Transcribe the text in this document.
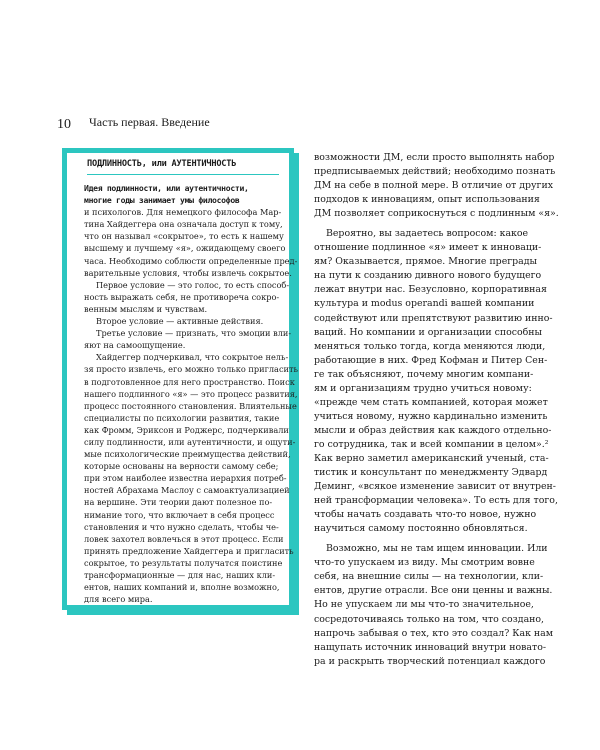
10 Часть первая. Введение
ПОДЛИННОСТЬ, или АУТЕНТИЧНОСТЬ
Идея подлинности, или аутентичности,
многие годы занимает умы философов
и психологов. Для немецкого философа Мар-
тина Хайдеггера она означала доступ к тому,
что он называл «сокрытое», то есть к нашему
высшему и лучшему «я», ожидающему своего
часа. Необходимо соблюсти определенные пред-
варительные условия, чтобы извлечь сокрытое.
Первое условие — это голос, то есть способ-
ность выражать себя, не противореча сокро-
венным мыслям и чувствам.
Второе условие — активные действия.
Третье условие — признать, что эмоции вли-
яют на самоощущение.
Хайдеггер подчеркивал, что сокрытое нель-
зя просто извлечь, его можно только пригласить
в подготовленное для него пространство. Поиск
нашего подлинного «я» — это процесс развития,
процесс постоянного становления. Влиятельные
специалисты по психологии развития, такие
как Фромм, Эриксон и Роджерс, подчеркивали
силу подлинности, или аутентичности, и ощути-
мые психологические преимущества действий,
которые основаны на верности самому себе;
при этом наиболее известна иерархия потреб-
ностей Абрахама Маслоу с самоактуализацией
на вершине. Эти теории дают полезное по-
нимание того, что включает в себя процесс
становления и что нужно сделать, чтобы че-
ловек захотел вовлечься в этот процесс. Если
принять предложение Хайдеггера и пригласить
сокрытое, то результаты получатся поистине
трансформационные — для нас, наших кли-
ентов, наших компаний и, вполне возможно,
для всего мира.
возможности ДМ, если просто выполнять набор
предписываемых действий; необходимо познать
ДМ на себе в полной мере. В отличие от других
подходов к инновациям, опыт использования
ДМ позволяет соприкоснуться с подлинным «я».
Вероятно, вы задаетесь вопросом: какое
отношение подлинное «я» имеет к инноваци-
ям? Оказывается, прямое. Многие преграды
на пути к созданию дивного нового будущего
лежат внутри нас. Безусловно, корпоративная
культура и modus operandi вашей компании
содействуют или препятствуют развитию инно-
ваций. Но компании и организации способны
меняться только тогда, когда меняются люди,
работающие в них. Фред Кофман и Питер Сен-
ге так объясняют, почему многим компани-
ям и организациям трудно учиться новому:
«прежде чем стать компанией, которая может
учиться новому, нужно кардинально изменить
мысли и образ действия как каждого отдельно-
го сотрудника, так и всей компании в целом».²
Как верно заметил американский ученый, ста-
тистик и консультант по менеджменту Эдвард
Деминг, «всякое изменение зависит от внутрен-
ней трансформации человека». То есть для того,
чтобы начать создавать что-то новое, нужно
научиться самому постоянно обновляться.
Возможно, мы не там ищем инновации. Или
что-то упускаем из виду. Мы смотрим вовне
себя, на внешние силы — на технологии, кли-
ентов, другие отрасли. Все они ценны и важны.
Но не упускаем ли мы что-то значительное,
сосредоточиваясь только на том, что создано,
напрочь забывая о тех, кто это создал? Как нам
нащупать источник инноваций внутри новато-
ра и раскрыть творческий потенциал каждого
